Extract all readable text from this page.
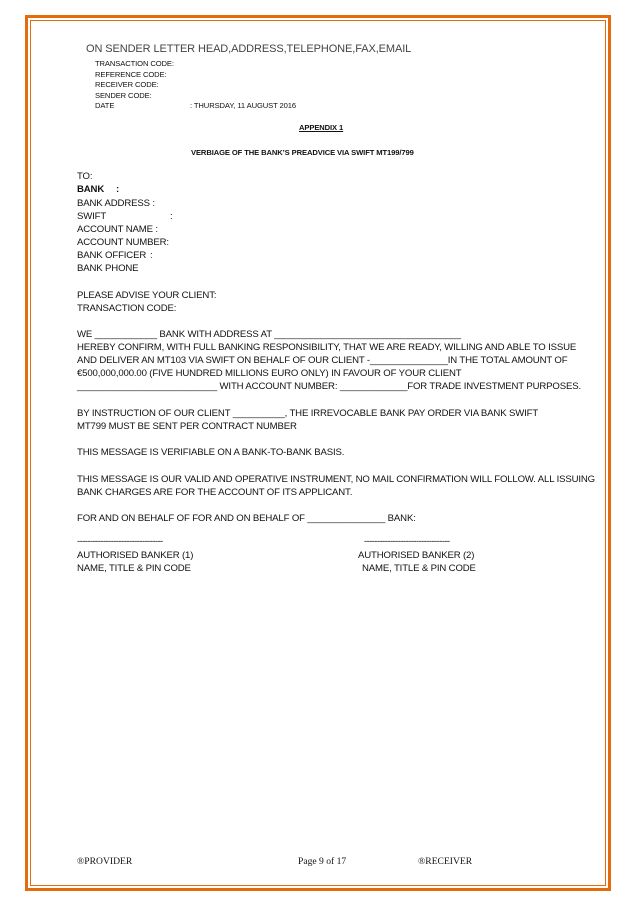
ON SENDER LETTER HEAD,ADDRESS,TELEPHONE,FAX,EMAIL
TRANSACTION CODE:
REFERENCE CODE:
RECEIVER CODE:
SENDER CODE:
DATE	: THURSDAY, 11 AUGUST 2016
APPENDIX 1
VERBIAGE OF THE BANK’S PREADVICE VIA SWIFT MT199/799
TO:
BANK :
BANK ADDRESS :
SWIFT	:
ACCOUNT NAME :
ACCOUNT NUMBER:
BANK OFFICER :
BANK PHONE
PLEASE ADVISE YOUR CLIENT:
TRANSACTION CODE:
WE ____________ BANK WITH ADDRESS AT ____________________________________
HEREBY CONFIRM, WITH FULL BANKING RESPONSIBILITY, THAT WE ARE READY, WILLING AND ABLE TO ISSUE
AND DELIVER AN MT103 VIA SWIFT ON BEHALF OF OUR CLIENT -_______________IN THE TOTAL AMOUNT OF
€500,000,000.00 (FIVE HUNDRED MILLIONS EURO ONLY) IN FAVOUR OF YOUR CLIENT
___________________________ WITH ACCOUNT NUMBER: _____________FOR TRADE INVESTMENT PURPOSES.
BY INSTRUCTION OF OUR CLIENT __________, THE IRREVOCABLE BANK PAY ORDER VIA BANK SWIFT
MT799 MUST BE SENT PER CONTRACT NUMBER
THIS MESSAGE IS VERIFIABLE ON A BANK-TO-BANK BASIS.
THIS MESSAGE IS OUR VALID AND OPERATIVE INSTRUMENT, NO MAIL CONFIRMATION WILL FOLLOW. ALL ISSUING
BANK CHARGES ARE FOR THE ACCOUNT OF ITS APPLICANT.
FOR AND ON BEHALF OF FOR AND ON BEHALF OF _______________ BANK:
---------------------------------	---------------------------------
AUTHORISED BANKER (1)	AUTHORISED BANKER (2)
NAME, TITLE & PIN CODE	NAME, TITLE & PIN CODE
®PROVIDER	Page 9 of 17	®RECEIVER
